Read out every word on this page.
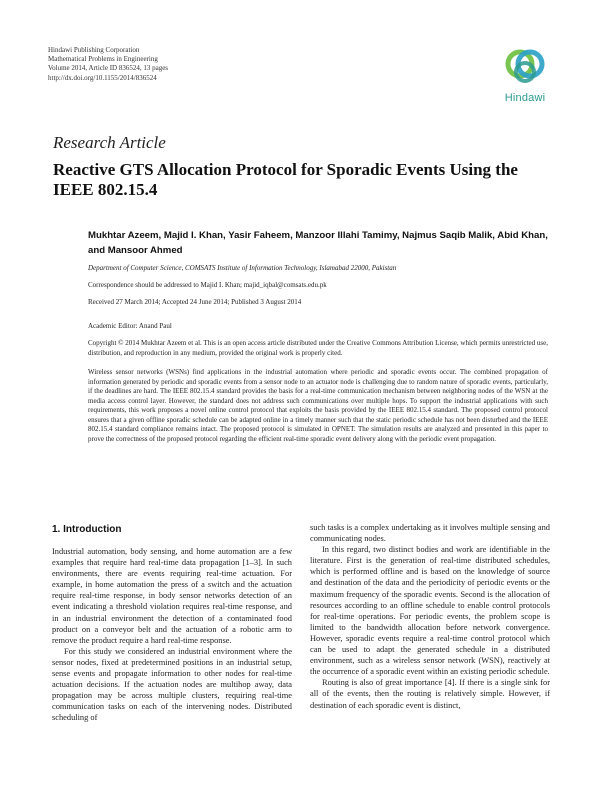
Hindawi Publishing Corporation
Mathematical Problems in Engineering
Volume 2014, Article ID 836524, 13 pages
http://dx.doi.org/10.1155/2014/836524
Hindawi
Research Article
Reactive GTS Allocation Protocol for Sporadic Events Using the IEEE 802.15.4
Mukhtar Azeem, Majid I. Khan, Yasir Faheem, Manzoor Illahi Tamimy, Najmus Saqib Malik, Abid Khan, and Mansoor Ahmed
Department of Computer Science, COMSATS Institute of Information Technology, Islamabad 22000, Pakistan
Correspondence should be addressed to Majid I. Khan; majid_iqbal@comsats.edu.pk
Received 27 March 2014; Accepted 24 June 2014; Published 3 August 2014
Academic Editor: Anand Paul
Copyright © 2014 Mukhtar Azeem et al. This is an open access article distributed under the Creative Commons Attribution License, which permits unrestricted use, distribution, and reproduction in any medium, provided the original work is properly cited.

Wireless sensor networks (WSNs) find applications in the industrial automation where periodic and sporadic events occur. The combined propagation of information generated by periodic and sporadic events from a sensor node to an actuator node is challenging due to random nature of sporadic events, particularly, if the deadlines are hard. The IEEE 802.15.4 standard provides the basis for a real-time communication mechanism between neighboring nodes of the WSN at the media access control layer. However, the standard does not address such communications over multiple hops. To support the industrial applications with such requirements, this work proposes a novel online control protocol that exploits the basis provided by the IEEE 802.15.4 standard. The proposed control protocol ensures that a given offline sporadic schedule can be adapted online in a timely manner such that the static periodic schedule has not been disturbed and the IEEE 802.15.4 standard compliance remains intact. The proposed protocol is simulated in OPNET. The simulation results are analyzed and presented in this paper to prove the correctness of the proposed protocol regarding the efficient real-time sporadic event delivery along with the periodic event propagation.

1. Introduction

Industrial automation, body sensing, and home automation are a few examples that require hard real-time data propagation [1–3]. In such environments, there are events requiring real-time actuation. For example, in home automation the press of a switch and the actuation require real-time response, in body sensor networks detection of an event indicating a threshold violation requires real-time response, and in an industrial environment the detection of a contaminated food product on a conveyor belt and the actuation of a robotic arm to remove the product require a hard real-time response.

For this study we considered an industrial environment where the sensor nodes, fixed at predetermined positions in an industrial setup, sense events and propagate information to other nodes for real-time actuation decisions. If the actuation nodes are multihop away, data propagation may be across multiple clusters, requiring real-time communication tasks on each of the intervening nodes. Distributed scheduling of

such tasks is a complex undertaking as it involves multiple sensing and communicating nodes.

In this regard, two distinct bodies and work are identifiable in the literature. First is the generation of real-time distributed schedules, which is performed offline and is based on the knowledge of source and destination of the data and the periodicity of periodic events or the maximum frequency of the sporadic events. Second is the allocation of resources according to an offline schedule to enable control protocols for real-time operations. For periodic events, the problem scope is limited to the bandwidth allocation before network convergence. However, sporadic events require a real-time control protocol which can be used to adapt the generated schedule in a distributed environment, such as a wireless sensor network (WSN), reactively at the occurrence of a sporadic event within an existing periodic schedule.

Routing is also of great importance [4]. If there is a single sink for all of the events, then the routing is relatively simple. However, if destination of each sporadic event is distinct,
